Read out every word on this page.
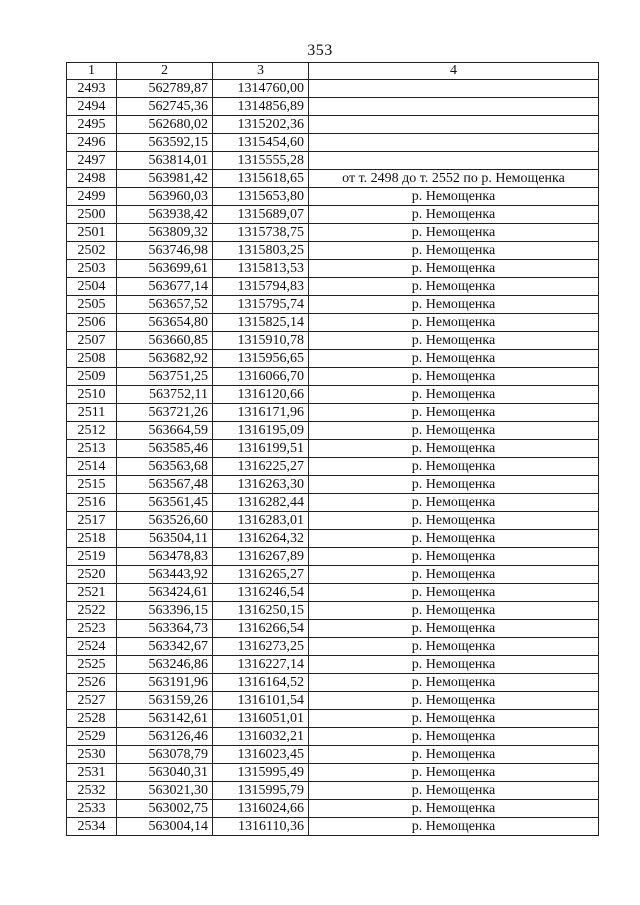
353
1	2	3	4
2493	562789,87	1314760,00	
2494	562745,36	1314856,89	
2495	562680,02	1315202,36	
2496	563592,15	1315454,60	
2497	563814,01	1315555,28	
2498	563981,42	1315618,65	от т. 2498 до т. 2552 по р. Немощенка
2499	563960,03	1315653,80	р. Немощенка
2500	563938,42	1315689,07	р. Немощенка
2501	563809,32	1315738,75	р. Немощенка
2502	563746,98	1315803,25	р. Немощенка
2503	563699,61	1315813,53	р. Немощенка
2504	563677,14	1315794,83	р. Немощенка
2505	563657,52	1315795,74	р. Немощенка
2506	563654,80	1315825,14	р. Немощенка
2507	563660,85	1315910,78	р. Немощенка
2508	563682,92	1315956,65	р. Немощенка
2509	563751,25	1316066,70	р. Немощенка
2510	563752,11	1316120,66	р. Немощенка
2511	563721,26	1316171,96	р. Немощенка
2512	563664,59	1316195,09	р. Немощенка
2513	563585,46	1316199,51	р. Немощенка
2514	563563,68	1316225,27	р. Немощенка
2515	563567,48	1316263,30	р. Немощенка
2516	563561,45	1316282,44	р. Немощенка
2517	563526,60	1316283,01	р. Немощенка
2518	563504,11	1316264,32	р. Немощенка
2519	563478,83	1316267,89	р. Немощенка
2520	563443,92	1316265,27	р. Немощенка
2521	563424,61	1316246,54	р. Немощенка
2522	563396,15	1316250,15	р. Немощенка
2523	563364,73	1316266,54	р. Немощенка
2524	563342,67	1316273,25	р. Немощенка
2525	563246,86	1316227,14	р. Немощенка
2526	563191,96	1316164,52	р. Немощенка
2527	563159,26	1316101,54	р. Немощенка
2528	563142,61	1316051,01	р. Немощенка
2529	563126,46	1316032,21	р. Немощенка
2530	563078,79	1316023,45	р. Немощенка
2531	563040,31	1315995,49	р. Немощенка
2532	563021,30	1315995,79	р. Немощенка
2533	563002,75	1316024,66	р. Немощенка
2534	563004,14	1316110,36	р. Немощенка
